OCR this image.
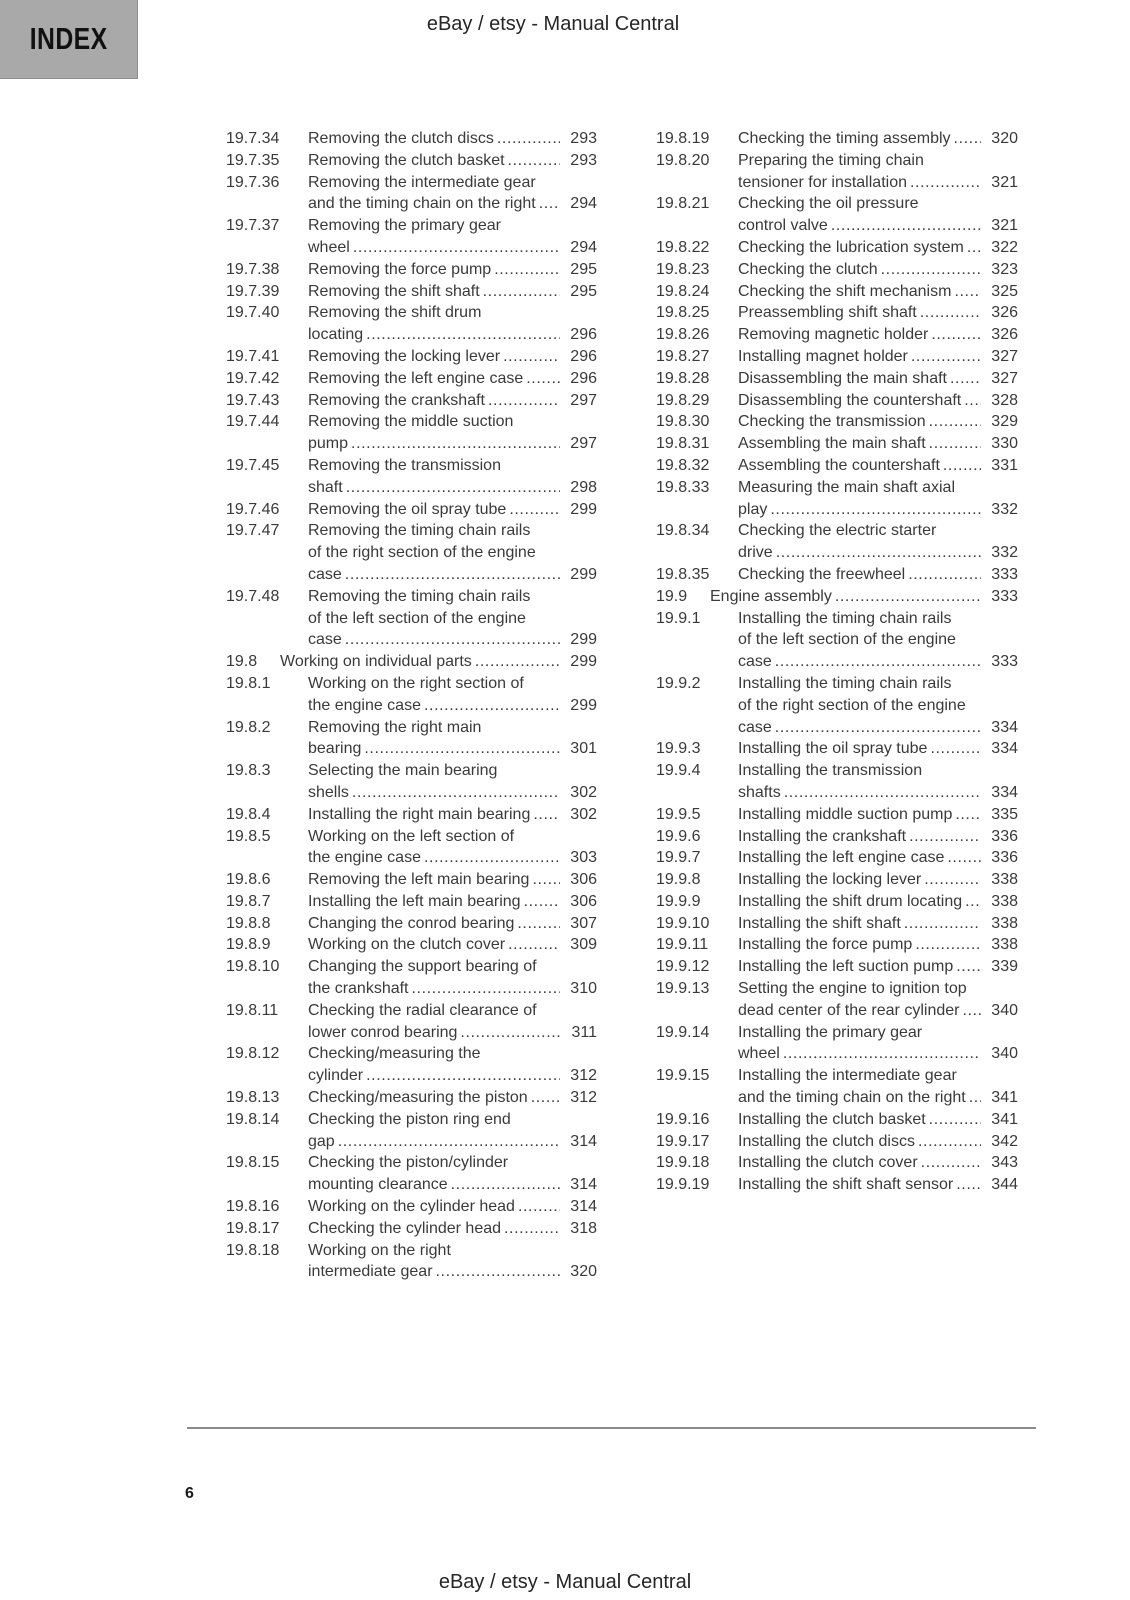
INDEX	eBay / etsy - Manual Central
19.7.34 Removing the clutch discs .....	293
19.7.35 Removing the clutch basket .....	293
19.7.36 Removing the intermediate gear and the timing chain on the right .....	294
19.7.37 Removing the primary gear wheel .....	294
19.7.38 Removing the force pump .....	295
19.7.39 Removing the shift shaft .....	295
19.7.40 Removing the shift drum locating .....	296
19.7.41 Removing the locking lever .....	296
19.7.42 Removing the left engine case .....	296
19.7.43 Removing the crankshaft .....	297
19.7.44 Removing the middle suction pump .....	297
19.7.45 Removing the transmission shaft .....	298
19.7.46 Removing the oil spray tube .....	299
19.7.47 Removing the timing chain rails of the right section of the engine case .....	299
19.7.48 Removing the timing chain rails of the left section of the engine case .....	299
19.8 Working on individual parts .....	299
19.8.1 Working on the right section of the engine case .....	299
19.8.2 Removing the right main bearing .....	301
19.8.3 Selecting the main bearing shells .....	302
19.8.4 Installing the right main bearing .....	302
19.8.5 Working on the left section of the engine case .....	303
19.8.6 Removing the left main bearing .....	306
19.8.7 Installing the left main bearing .....	306
19.8.8 Changing the conrod bearing .....	307
19.8.9 Working on the clutch cover .....	309
19.8.10 Changing the support bearing of the crankshaft .....	310
19.8.11 Checking the radial clearance of lower conrod bearing .....	311
19.8.12 Checking/measuring the cylinder .....	312
19.8.13 Checking/measuring the piston .....	312
19.8.14 Checking the piston ring end gap .....	314
19.8.15 Checking the piston/cylinder mounting clearance .....	314
19.8.16 Working on the cylinder head .....	314
19.8.17 Checking the cylinder head .....	318
19.8.18 Working on the right intermediate gear .....	320
19.8.19 Checking the timing assembly .....	320
19.8.20 Preparing the timing chain tensioner for installation .....	321
19.8.21 Checking the oil pressure control valve .....	321
19.8.22 Checking the lubrication system .....	322
19.8.23 Checking the clutch .....	323
19.8.24 Checking the shift mechanism .....	325
19.8.25 Preassembling shift shaft .....	326
19.8.26 Removing magnetic holder .....	326
19.8.27 Installing magnet holder .....	327
19.8.28 Disassembling the main shaft .....	327
19.8.29 Disassembling the countershaft .....	328
19.8.30 Checking the transmission .....	329
19.8.31 Assembling the main shaft .....	330
19.8.32 Assembling the countershaft .....	331
19.8.33 Measuring the main shaft axial play .....	332
19.8.34 Checking the electric starter drive .....	332
19.8.35 Checking the freewheel .....	333
19.9 Engine assembly .....	333
19.9.1 Installing the timing chain rails of the left section of the engine case .....	333
19.9.2 Installing the timing chain rails of the right section of the engine case .....	334
19.9.3 Installing the oil spray tube .....	334
19.9.4 Installing the transmission shafts .....	334
19.9.5 Installing middle suction pump .....	335
19.9.6 Installing the crankshaft .....	336
19.9.7 Installing the left engine case .....	336
19.9.8 Installing the locking lever .....	338
19.9.9 Installing the shift drum locating .....	338
19.9.10 Installing the shift shaft .....	338
19.9.11 Installing the force pump .....	338
19.9.12 Installing the left suction pump .....	339
19.9.13 Setting the engine to ignition top dead center of the rear cylinder .....	340
19.9.14 Installing the primary gear wheel .....	340
19.9.15 Installing the intermediate gear and the timing chain on the right .....	341
19.9.16 Installing the clutch basket .....	341
19.9.17 Installing the clutch discs .....	342
19.9.18 Installing the clutch cover .....	343
19.9.19 Installing the shift shaft sensor .....	344
6
eBay / etsy - Manual Central
